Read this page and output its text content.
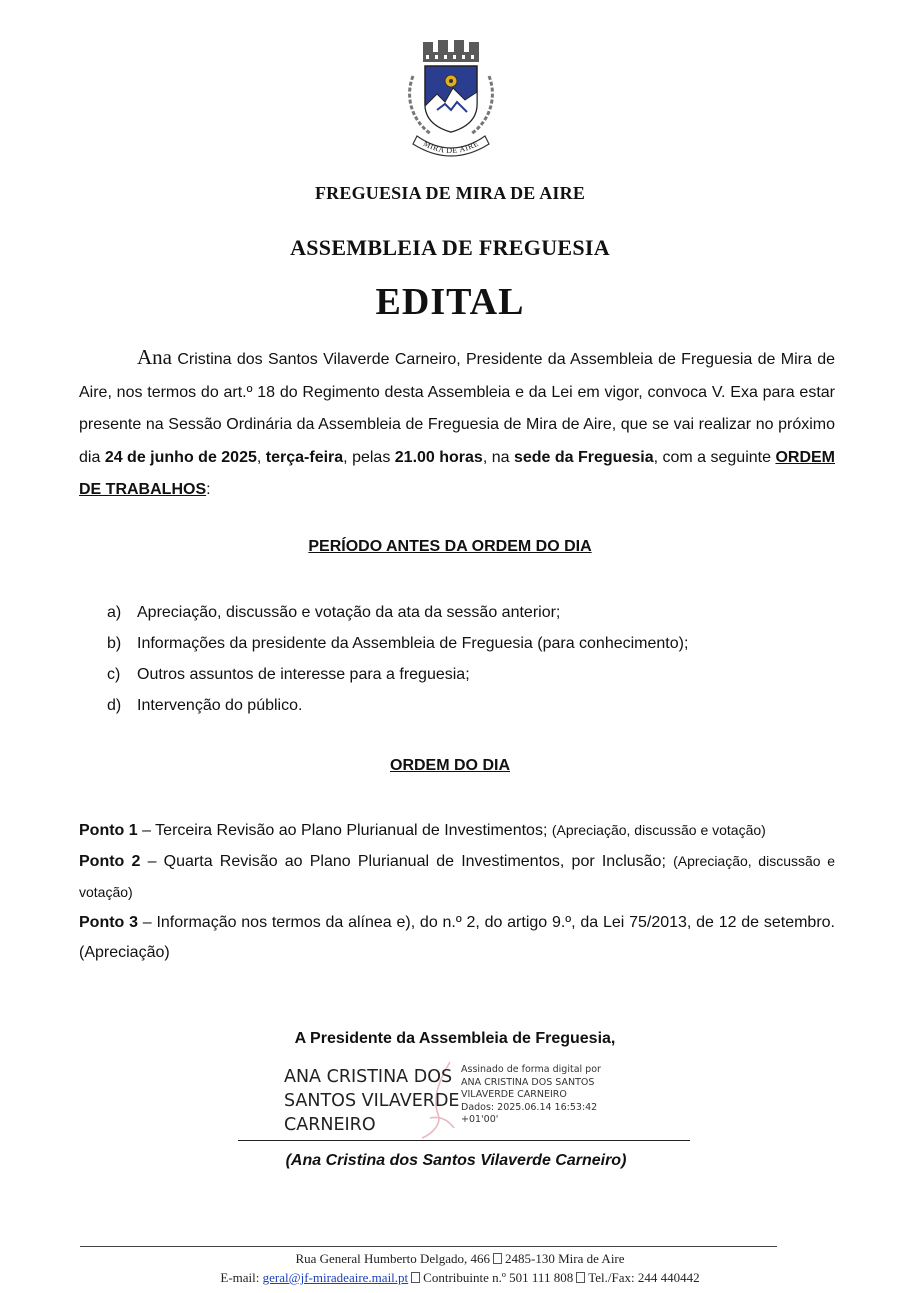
MIRA DE AIRE
FREGUESIA DE MIRA DE AIRE
ASSEMBLEIA DE FREGUESIA
EDITAL
Ana Cristina dos Santos Vilaverde Carneiro, Presidente da Assembleia de Freguesia de Mira de Aire, nos termos do art.º 18 do Regimento desta Assembleia e da Lei em vigor, convoca V. Exa para estar presente na Sessão Ordinária da Assembleia de Freguesia de Mira de Aire, que se vai realizar no próximo dia 24 de junho de 2025, terça-feira, pelas 21.00 horas, na sede da Freguesia, com a seguinte ORDEM DE TRABALHOS:
PERÍODO ANTES DA ORDEM DO DIA
a) Apreciação, discussão e votação da ata da sessão anterior;
b) Informações da presidente da Assembleia de Freguesia (para conhecimento);
c) Outros assuntos de interesse para a freguesia;
d) Intervenção do público.
ORDEM DO DIA

Ponto 1 – Terceira Revisão ao Plano Plurianual de Investimentos; (Apreciação, discussão e votação)

Ponto 2 – Quarta Revisão ao Plano Plurianual de Investimentos, por Inclusão; (Apreciação, discussão e votação)

Ponto 3 – Informação nos termos da alínea e), do n.º 2, do artigo 9.º, da Lei 75/2013, de 12 de setembro. (Apreciação)

A Presidente da Assembleia de Freguesia,
ANA CRISTINA DOS
SANTOS VILAVERDE
CARNEIRO
Assinado de forma digital por
ANA CRISTINA DOS SANTOS
VILAVERDE CARNEIRO
Dados: 2025.06.14 16:53:42
+01'00'
(Ana Cristina dos Santos Vilaverde Carneiro)
Rua General Humberto Delgado, 466 2485-130 Mira de Aire
E-mail: geral@jf-miradeaire.mail.pt Contribuinte n.º 501 111 808 Tel./Fax: 244 440442
